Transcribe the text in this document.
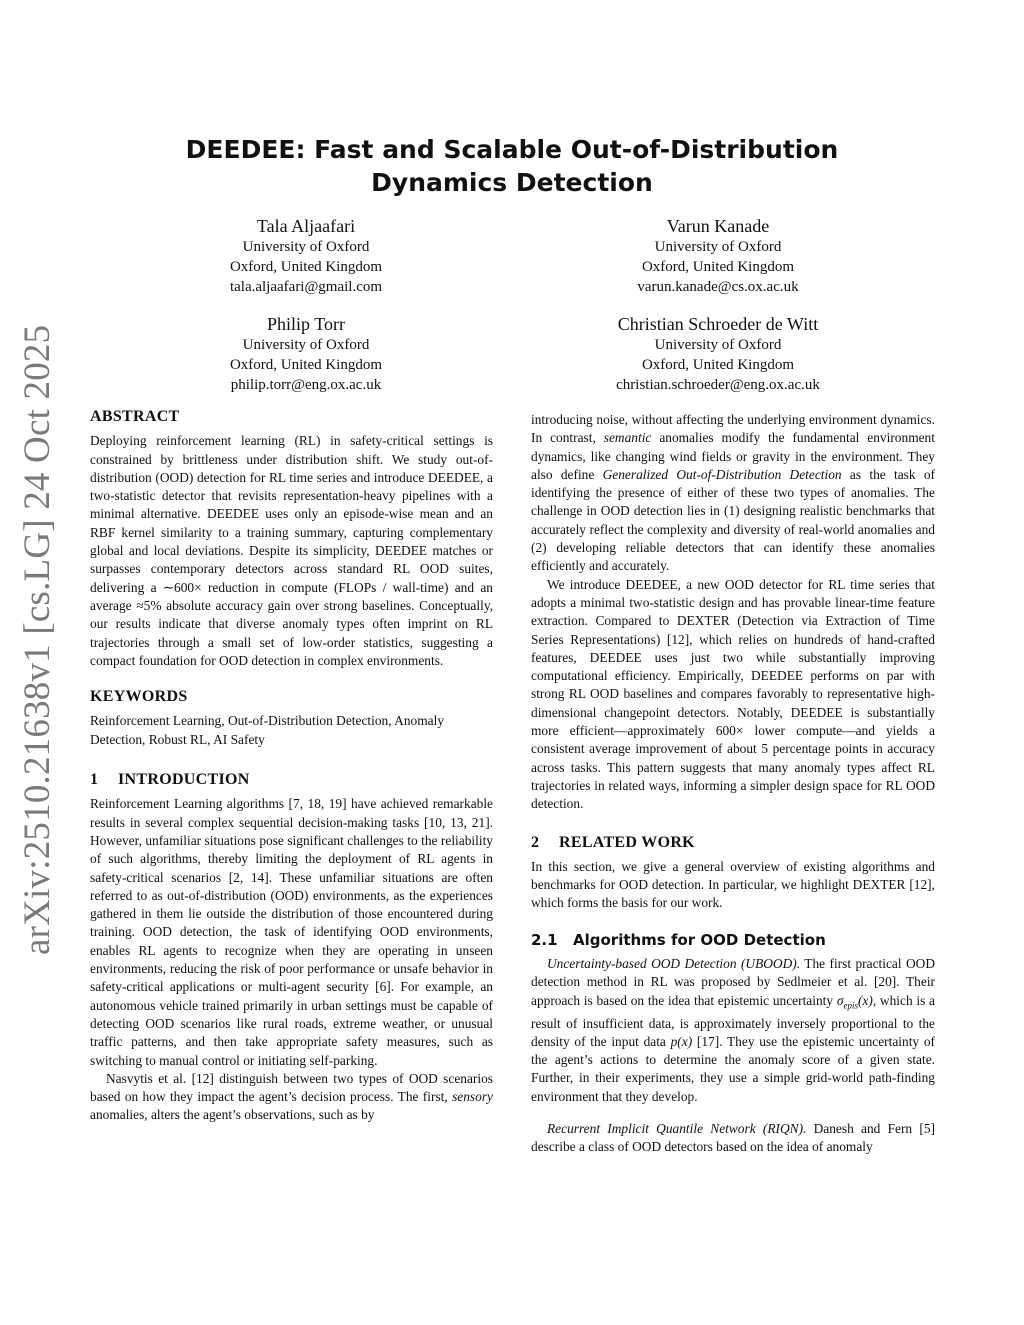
arXiv:2510.21638v1 [cs.LG] 24 Oct 2025
DEEDEE: Fast and Scalable Out-of-Distribution
Dynamics Detection
Tala Aljaafari
University of Oxford
Oxford, United Kingdom
tala.aljaafari@gmail.com
Varun Kanade
University of Oxford
Oxford, United Kingdom
varun.kanade@cs.ox.ac.uk
Philip Torr
University of Oxford
Oxford, United Kingdom
philip.torr@eng.ox.ac.uk
Christian Schroeder de Witt
University of Oxford
Oxford, United Kingdom
christian.schroeder@eng.ox.ac.uk

ABSTRACT

Deploying reinforcement learning (RL) in safety-critical settings is constrained by brittleness under distribution shift. We study out-of-distribution (OOD) detection for RL time series and introduce DEEDEE, a two-statistic detector that revisits representation-heavy pipelines with a minimal alternative. DEEDEE uses only an episode-wise mean and an RBF kernel similarity to a training summary, capturing complementary global and local deviations. Despite its simplicity, DEEDEE matches or surpasses contemporary detectors across standard RL OOD suites, delivering a ∼600× reduction in compute (FLOPs / wall-time) and an average ≈5% absolute accuracy gain over strong baselines. Conceptually, our results indicate that diverse anomaly types often imprint on RL trajectories through a small set of low-order statistics, suggesting a compact foundation for OOD detection in complex environments.

KEYWORDS

Reinforcement Learning, Out-of-Distribution Detection, Anomaly Detection, Robust RL, AI Safety

1 INTRODUCTION

Reinforcement Learning algorithms [7, 18, 19] have achieved remarkable results in several complex sequential decision-making tasks [10, 13, 21]. However, unfamiliar situations pose significant challenges to the reliability of such algorithms, thereby limiting the deployment of RL agents in safety-critical scenarios [2, 14]. These unfamiliar situations are often referred to as out-of-distribution (OOD) environments, as the experiences gathered in them lie outside the distribution of those encountered during training. OOD detection, the task of identifying OOD environments, enables RL agents to recognize when they are operating in unseen environments, reducing the risk of poor performance or unsafe behavior in safety-critical applications or multi-agent security [6]. For example, an autonomous vehicle trained primarily in urban settings must be capable of detecting OOD scenarios like rural roads, extreme weather, or unusual traffic patterns, and then take appropriate safety measures, such as switching to manual control or initiating self-parking.

Nasvytis et al. [12] distinguish between two types of OOD scenarios based on how they impact the agent’s decision process. The first, sensory anomalies, alters the agent’s observations, such as by

introducing noise, without affecting the underlying environment dynamics. In contrast, semantic anomalies modify the fundamental environment dynamics, like changing wind fields or gravity in the environment. They also define Generalized Out-of-Distribution Detection as the task of identifying the presence of either of these two types of anomalies. The challenge in OOD detection lies in (1) designing realistic benchmarks that accurately reflect the complexity and diversity of real-world anomalies and (2) developing reliable detectors that can identify these anomalies efficiently and accurately.

We introduce DEEDEE, a new OOD detector for RL time series that adopts a minimal two-statistic design and has provable linear-time feature extraction. Compared to DEXTER (Detection via Extraction of Time Series Representations) [12], which relies on hundreds of hand-crafted features, DEEDEE uses just two while substantially improving computational efficiency. Empirically, DEEDEE performs on par with strong RL OOD baselines and compares favorably to representative high-dimensional changepoint detectors. Notably, DEEDEE is substantially more efficient—approximately 600× lower compute—and yields a consistent average improvement of about 5 percentage points in accuracy across tasks. This pattern suggests that many anomaly types affect RL trajectories in related ways, informing a simpler design space for RL OOD detection.

2 RELATED WORK

In this section, we give a general overview of existing algorithms and benchmarks for OOD detection. In particular, we highlight DEXTER [12], which forms the basis for our work.

2.1 Algorithms for OOD Detection

Uncertainty-based OOD Detection (UBOOD). The first practical OOD detection method in RL was proposed by Sedlmeier et al. [20]. Their approach is based on the idea that epistemic uncertainty $\sigma_{epis}(x)$, which is a result of insufficient data, is approximately inversely proportional to the density of the input data p(x) [17]. They use the epistemic uncertainty of the agent’s actions to determine the anomaly score of a given state. Further, in their experiments, they use a simple grid-world path-finding environment that they develop.

Recurrent Implicit Quantile Network (RIQN). Danesh and Fern [5] describe a class of OOD detectors based on the idea of anomaly
